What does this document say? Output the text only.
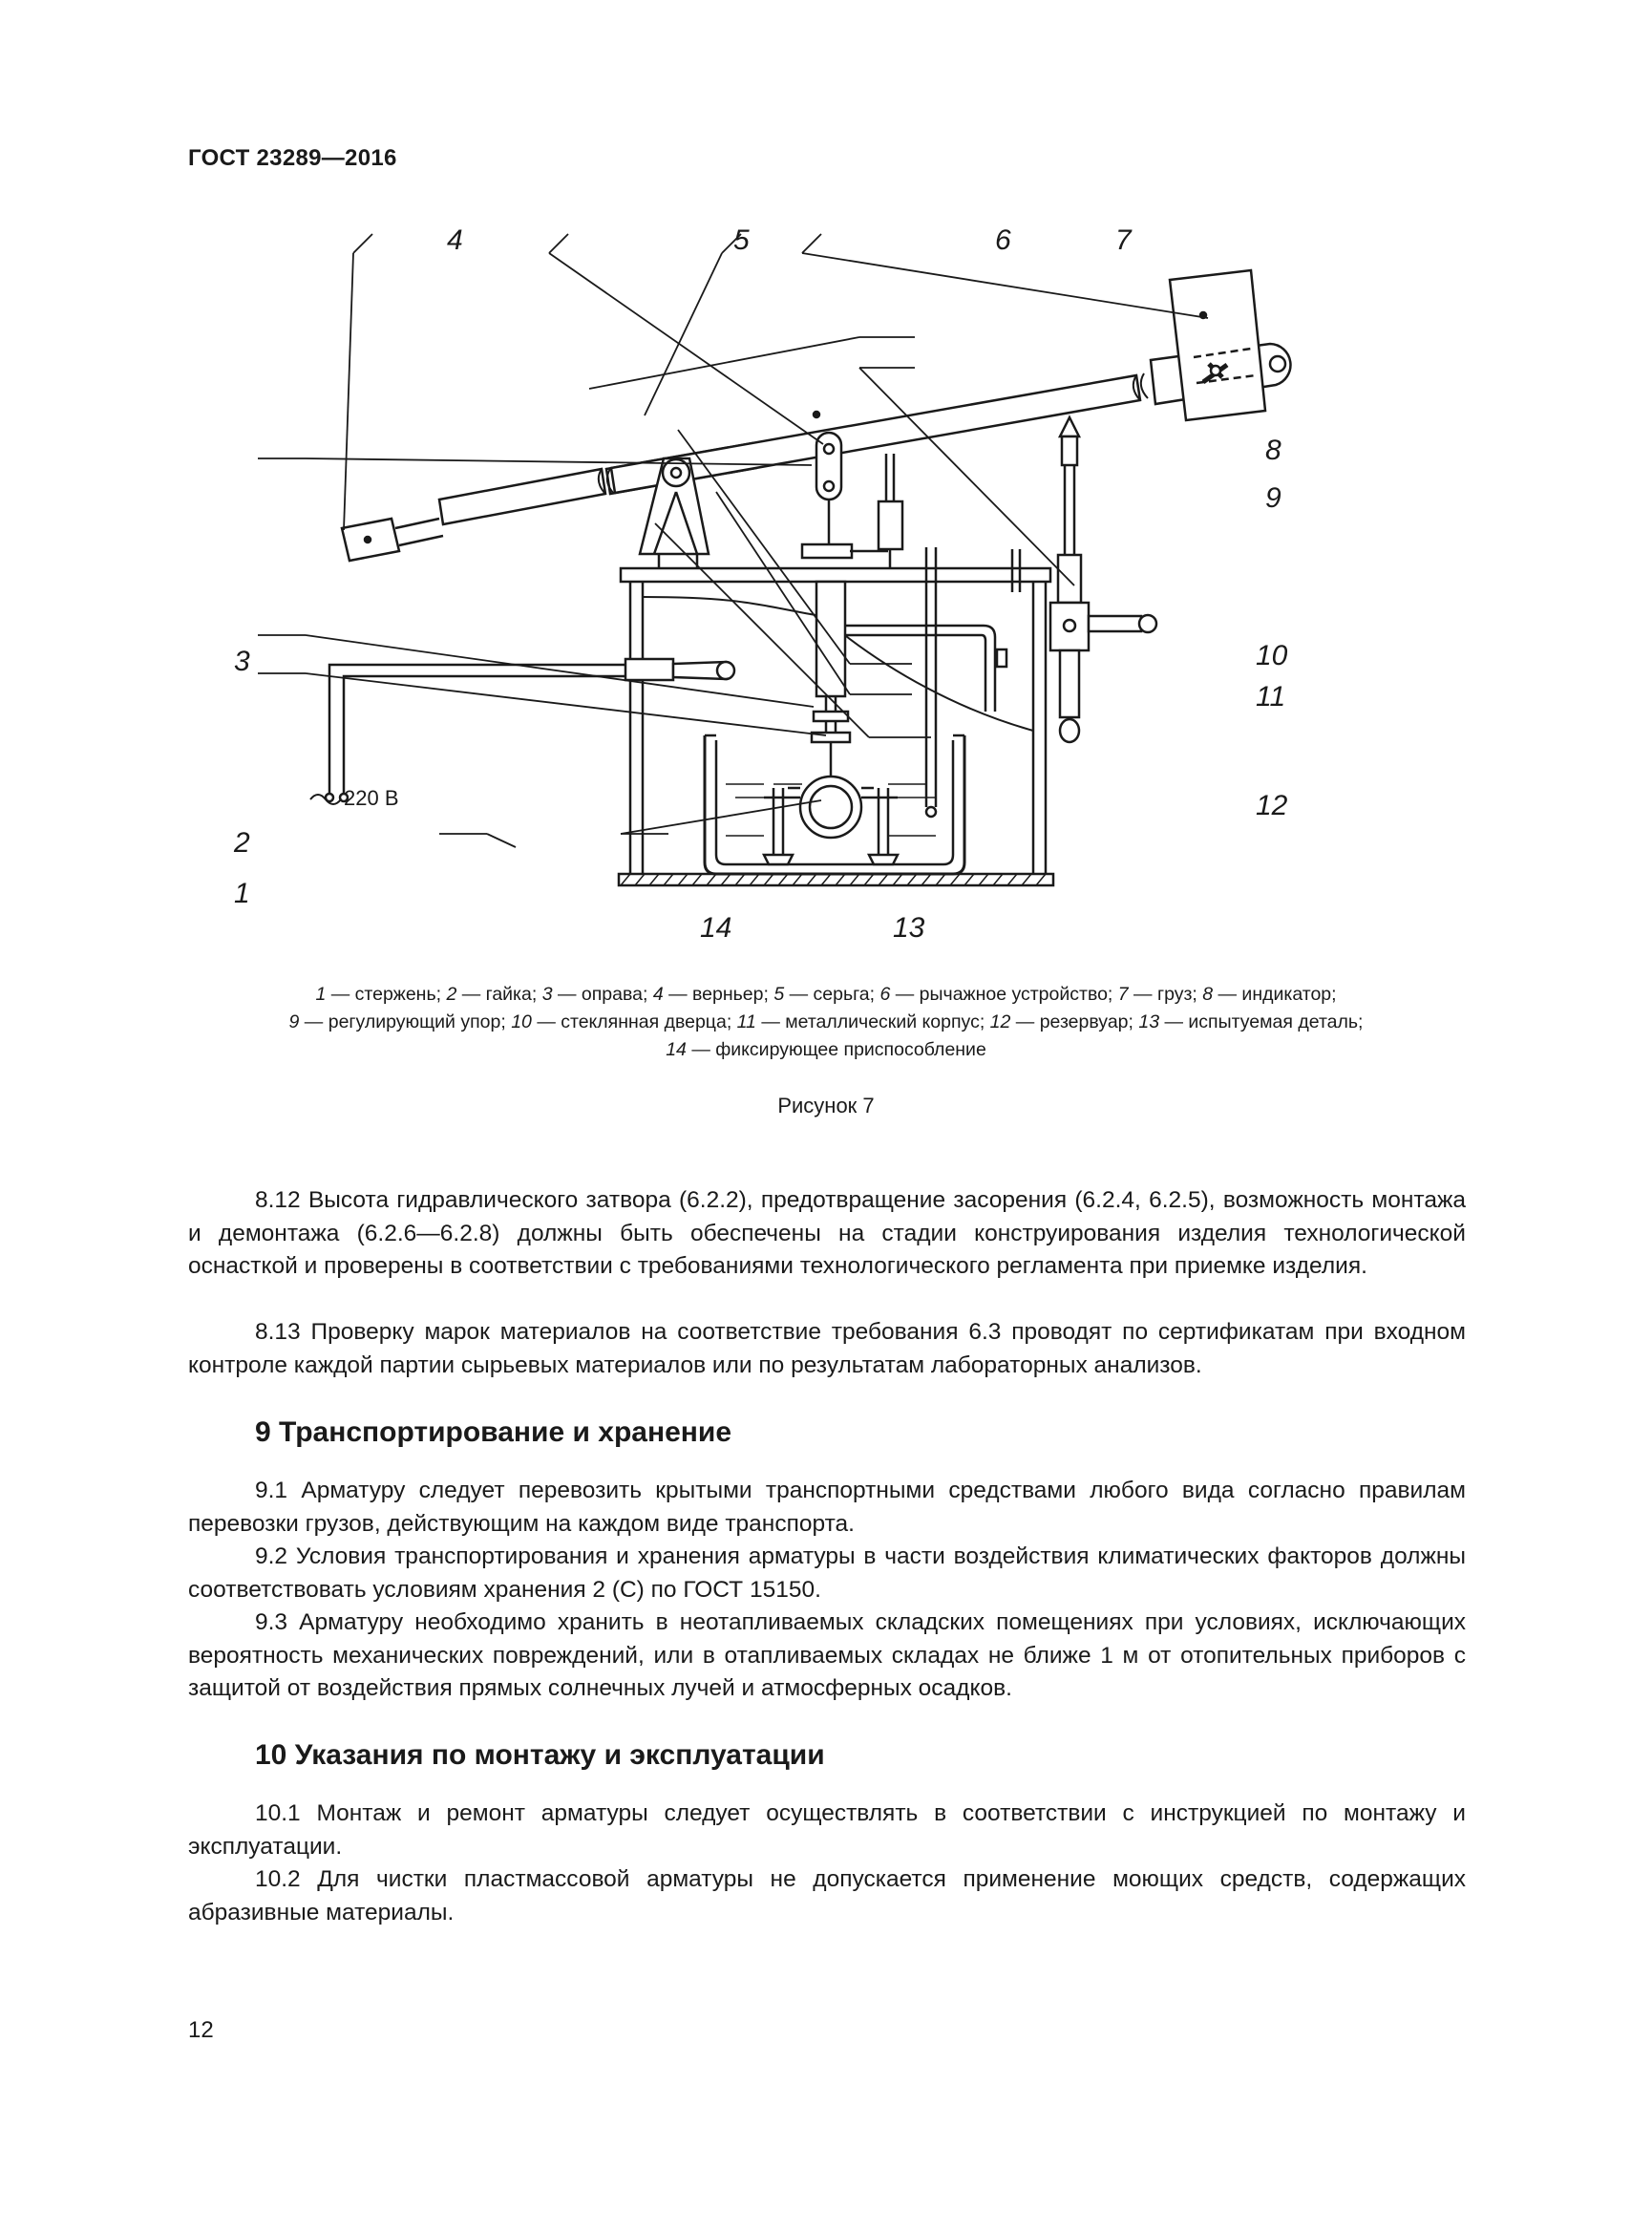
ГОСТ 23289—2016
1
2
3
4	5	6	7
8
9
10
11
12
13
14
220 В
1 — стержень; 2 — гайка; 3 — оправа; 4 — верньер; 5 — серьга; 6 — рычажное устройство; 7 — груз; 8 — индикатор;
9 — регулирующий упор; 10 — стеклянная дверца; 11 — металлический корпус; 12 — резервуар; 13 — испытуемая деталь;
14 — фиксирующее приспособление
Рисунок 7

8.12 Высота гидравлического затвора (6.2.2), предотвращение засорения (6.2.4, 6.2.5), возможность монтажа и демонтажа (6.2.6—6.2.8) должны быть обеспечены на стадии конструирования изделия технологической оснасткой и проверены в соответствии с требованиями технологического регламента при приемке изделия.

8.13 Проверку марок материалов на соответствие требования 6.3 проводят по сертификатам при входном контроле каждой партии сырьевых материалов или по результатам лабораторных анализов.

9 Транспортирование и хранение

9.1 Арматуру следует перевозить крытыми транспортными средствами любого вида согласно правилам перевозки грузов, действующим на каждом виде транспорта.

9.2 Условия транспортирования и хранения арматуры в части воздействия климатических факторов должны соответствовать условиям хранения 2 (С) по ГОСТ 15150.

9.3 Арматуру необходимо хранить в неотапливаемых складских помещениях при условиях, исключающих вероятность механических повреждений, или в отапливаемых складах не ближе 1 м от отопительных приборов с защитой от воздействия прямых солнечных лучей и атмосферных осадков.

10 Указания по монтажу и эксплуатации

10.1 Монтаж и ремонт арматуры следует осуществлять в соответствии с инструкцией по монтажу и эксплуатации.

10.2 Для чистки пластмассовой арматуры не допускается применение моющих средств, содержащих абразивные материалы.

12
